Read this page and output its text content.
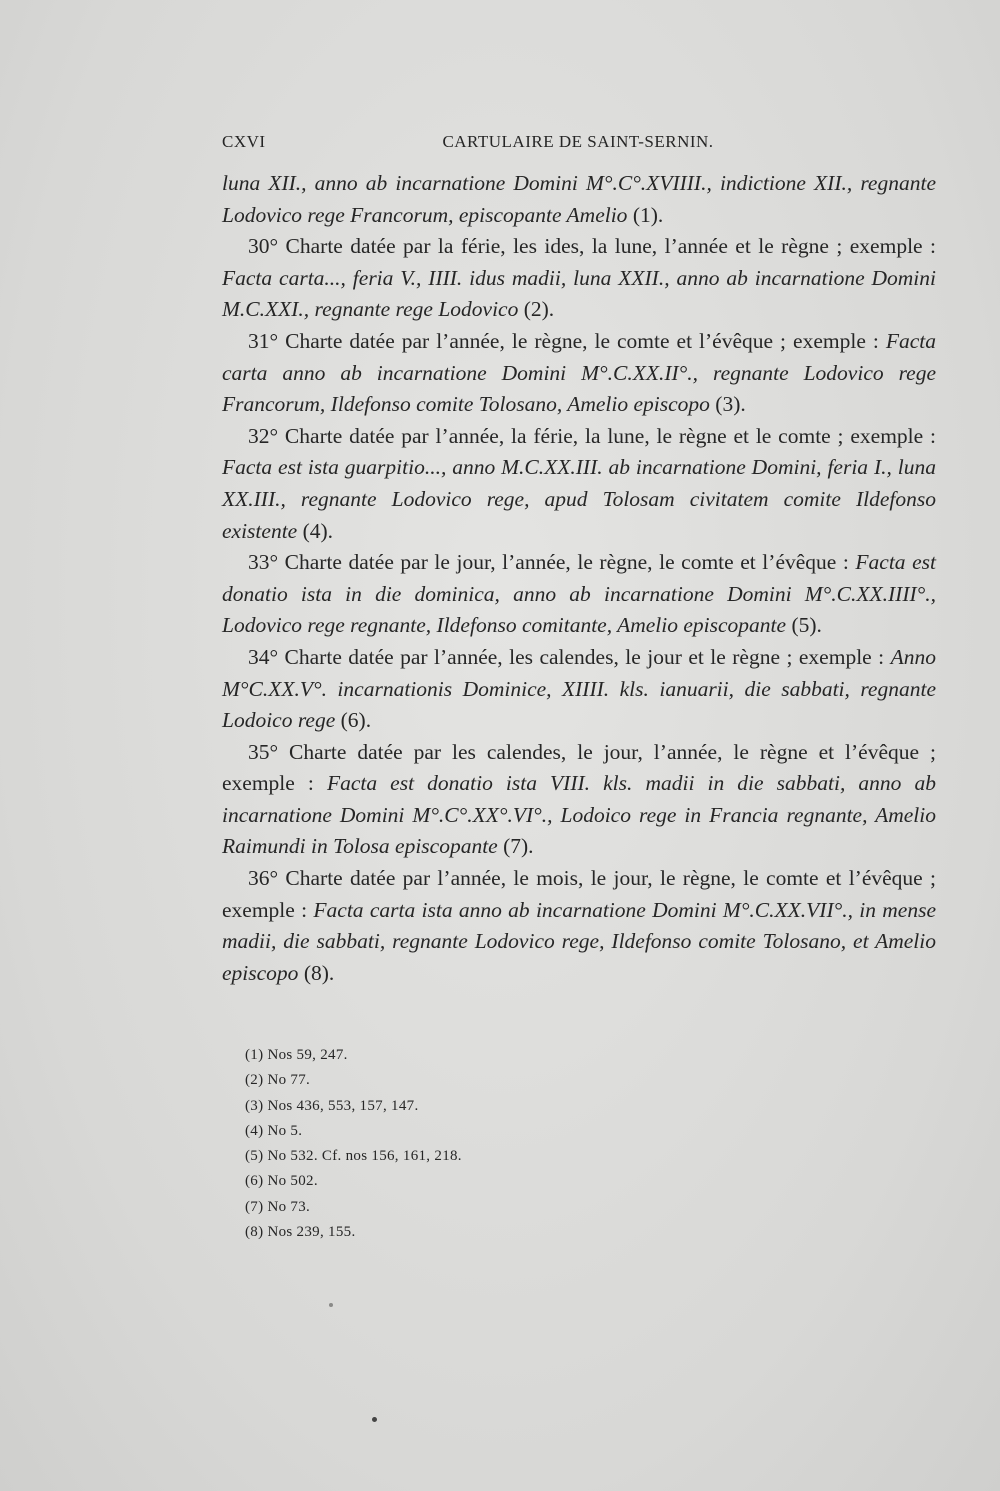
CXVI	CARTULAIRE DE SAINT-SERNIN.

luna XII., anno ab incarnatione Domini M°.C°.XVIIII., indictione XII., regnante Lodovico rege Francorum, episcopante Amelio (1).

30° Charte datée par la férie, les ides, la lune, l’année et le règne ; exemple : Facta carta..., feria V., IIII. idus madii, luna XXII., anno ab incarnatione Domini M.C.XXI., regnante rege Lodovico (2).

31° Charte datée par l’année, le règne, le comte et l’évêque ; exemple : Facta carta anno ab incarnatione Domini M°.C.XX.II°., regnante Lodovico rege Francorum, Ildefonso comite Tolosano, Amelio episcopo (3).

32° Charte datée par l’année, la férie, la lune, le règne et le comte ; exemple : Facta est ista guarpitio..., anno M.C.XX.III. ab incarnatione Domini, feria I., luna XX.III., regnante Lodovico rege, apud Tolosam civitatem comite Ildefonso existente (4).

33° Charte datée par le jour, l’année, le règne, le comte et l’évêque : Facta est donatio ista in die dominica, anno ab incarnatione Domini M°.C.XX.IIII°., Lodovico rege regnante, Ildefonso comitante, Amelio episcopante (5).

34° Charte datée par l’année, les calendes, le jour et le règne ; exemple : Anno M°C.XX.V°. incarnationis Dominice, XIIII. kls. ianuarii, die sabbati, regnante Lodoico rege (6).

35° Charte datée par les calendes, le jour, l’année, le règne et l’évêque ; exemple : Facta est donatio ista VIII. kls. madii in die sabbati, anno ab incarnatione Domini M°.C°.XX°.VI°., Lodoico rege in Francia regnante, Amelio Raimundi in Tolosa episcopante (7).

36° Charte datée par l’année, le mois, le jour, le règne, le comte et l’évêque ; exemple : Facta carta ista anno ab incarnatione Domini M°.C.XX.VII°., in mense madii, die sabbati, regnante Lodovico rege, Ildefonso comite Tolosano, et Amelio episcopo (8).

(1) Nos 59, 247.
(2) No 77.
(3) Nos 436, 553, 157, 147.
(4) No 5.
(5) No 532. Cf. nos 156, 161, 218.
(6) No 502.
(7) No 73.
(8) Nos 239, 155.
